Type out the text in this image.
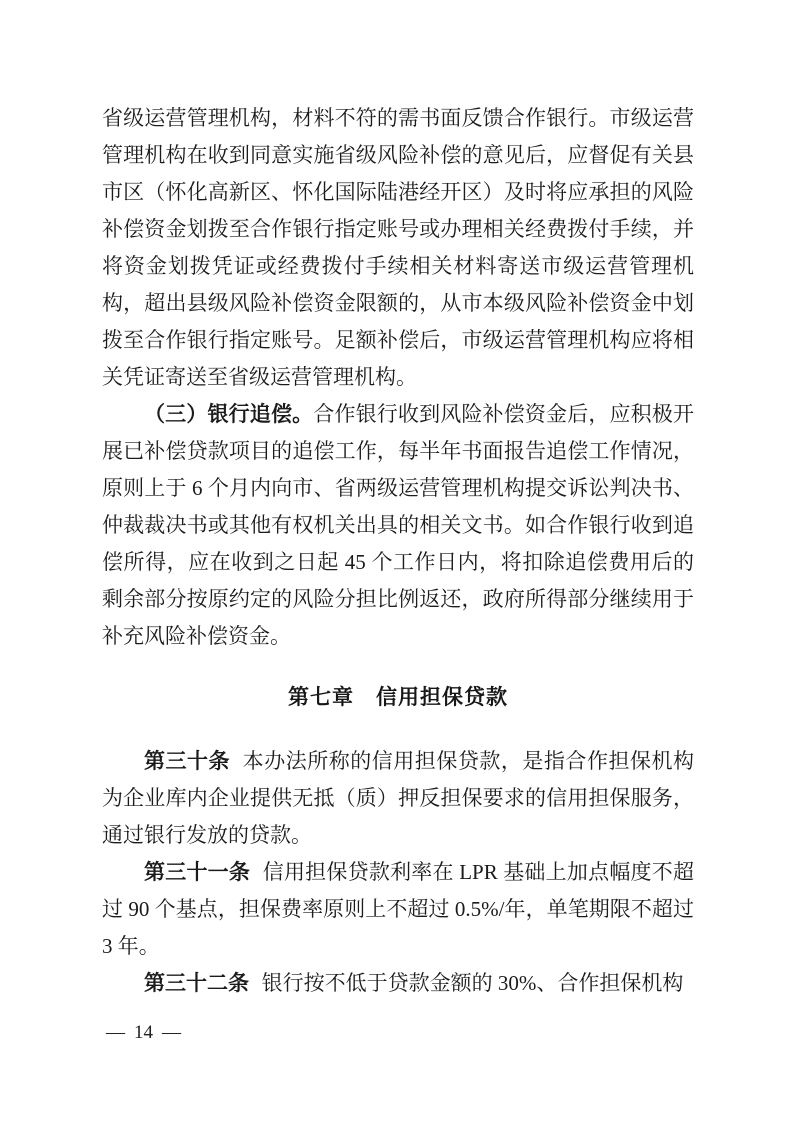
省级运营管理机构，材料不符的需书面反馈合作银行。市级运营管理机构在收到同意实施省级风险补偿的意见后，应督促有关县市区（怀化高新区、怀化国际陆港经开区）及时将应承担的风险补偿资金划拨至合作银行指定账号或办理相关经费拨付手续，并将资金划拨凭证或经费拨付手续相关材料寄送市级运营管理机构，超出县级风险补偿资金限额的，从市本级风险补偿资金中划拨至合作银行指定账号。足额补偿后，市级运营管理机构应将相关凭证寄送至省级运营管理机构。

（三）银行追偿。合作银行收到风险补偿资金后，应积极开展已补偿贷款项目的追偿工作，每半年书面报告追偿工作情况，原则上于 6 个月内向市、省两级运营管理机构提交诉讼判决书、仲裁裁决书或其他有权机关出具的相关文书。如合作银行收到追偿所得，应在收到之日起 45 个工作日内，将扣除追偿费用后的剩余部分按原约定的风险分担比例返还，政府所得部分继续用于补充风险补偿资金。

第七章　信用担保贷款

第三十条 本办法所称的信用担保贷款，是指合作担保机构为企业库内企业提供无抵（质）押反担保要求的信用担保服务，通过银行发放的贷款。

第三十一条 信用担保贷款利率在 LPR 基础上加点幅度不超过 90 个基点，担保费率原则上不超过 0.5%/年，单笔期限不超过 3 年。

第三十二条 银行按不低于贷款金额的 30%、合作担保机构

— 14 —
